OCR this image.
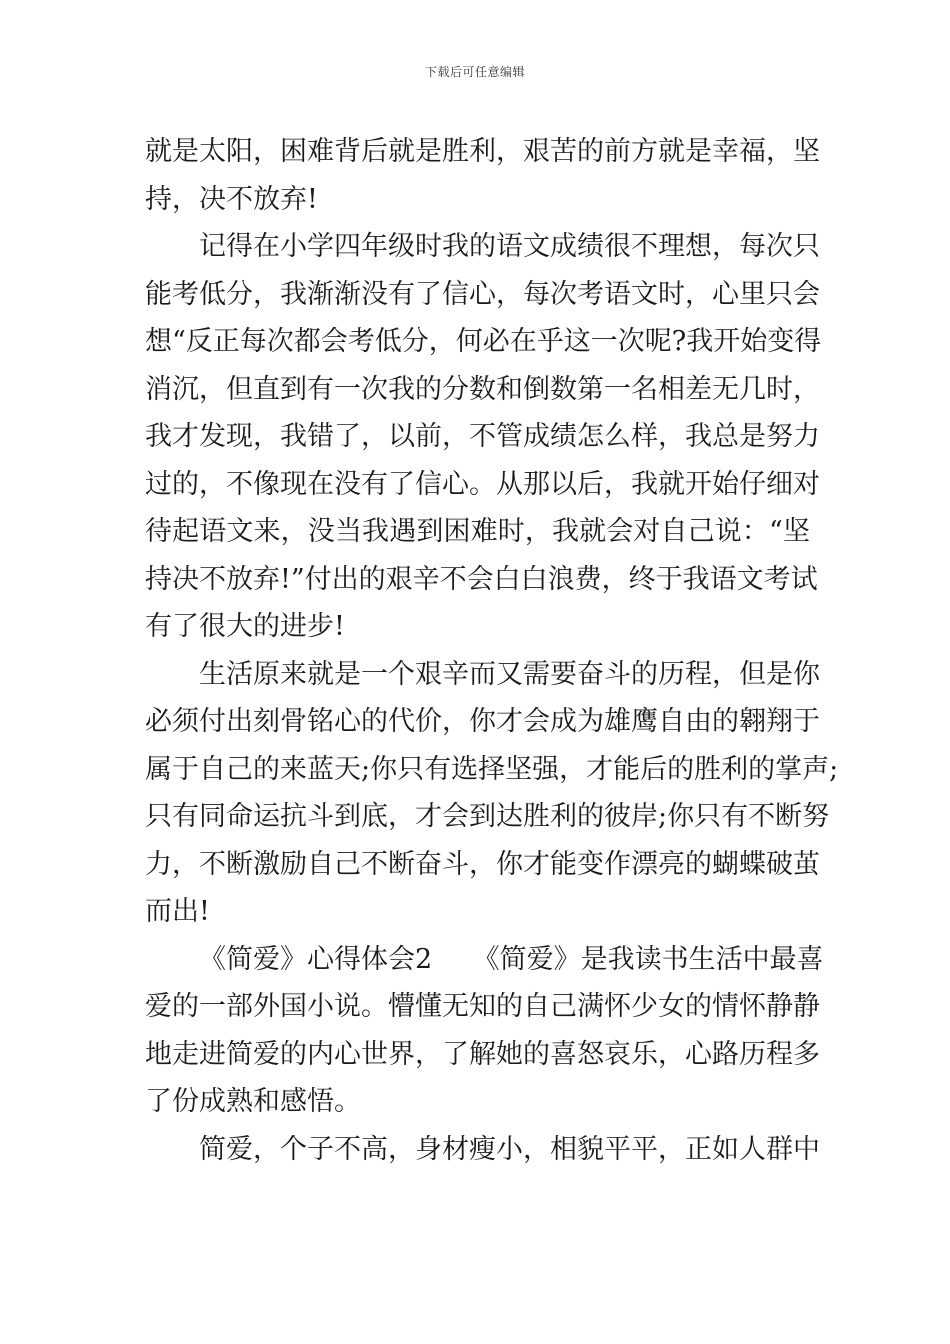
下载后可任意编辑
就是太阳，困难背后就是胜利，艰苦的前方就是幸福，坚
持，决不放弃!
记得在小学四年级时我的语文成绩很不理想，每次只
能考低分，我渐渐没有了信心，每次考语文时，心里只会
想“反正每次都会考低分，何必在乎这一次呢?我开始变得
消沉，但直到有一次我的分数和倒数第一名相差无几时，
我才发现，我错了，以前，不管成绩怎么样，我总是努力
过的，不像现在没有了信心。从那以后，我就开始仔细对
待起语文来，没当我遇到困难时，我就会对自己说：“坚
持决不放弃!”付出的艰辛不会白白浪费，终于我语文考试
有了很大的进步!
生活原来就是一个艰辛而又需要奋斗的历程，但是你
必须付出刻骨铭心的代价，你才会成为雄鹰自由的翱翔于
属于自己的来蓝天;你只有选择坚强，才能后的胜利的掌声;
只有同命运抗斗到底，才会到达胜利的彼岸;你只有不断努
力，不断激励自己不断奋斗，你才能变作漂亮的蝴蝶破茧
而出!
《简爱》心得体会2　　《简爱》是我读书生活中最喜
爱的一部外国小说。懵懂无知的自己满怀少女的情怀静静
地走进简爱的内心世界，了解她的喜怒哀乐，心路历程多
了份成熟和感悟。
简爱，个子不高，身材瘦小，相貌平平，正如人群中
